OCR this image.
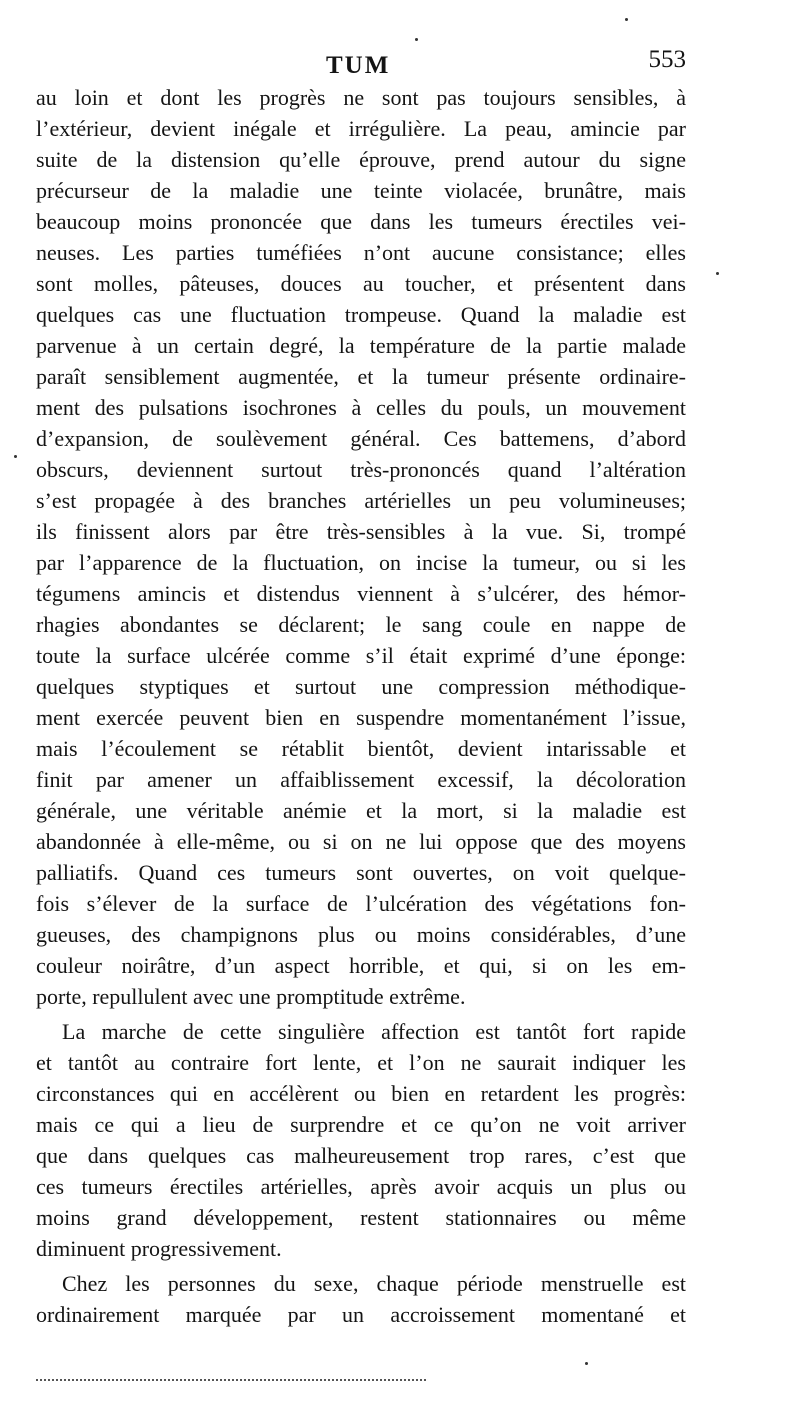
TUM	553
au loin et dont les progrès ne sont pas toujours sensibles, à
l’extérieur, devient inégale et irrégulière. La peau, amincie par
suite de la distension qu’elle éprouve, prend autour du signe
précurseur de la maladie une teinte violacée, brunâtre, mais
beaucoup moins prononcée que dans les tumeurs érectiles vei-
neuses. Les parties tuméfiées n’ont aucune consistance; elles
sont molles, pâteuses, douces au toucher, et présentent dans
quelques cas une fluctuation trompeuse. Quand la maladie est
parvenue à un certain degré, la température de la partie malade
paraît sensiblement augmentée, et la tumeur présente ordinaire-
ment des pulsations isochrones à celles du pouls, un mouvement
d’expansion, de soulèvement général. Ces battemens, d’abord
obscurs, deviennent surtout très-prononcés quand l’altération
s’est propagée à des branches artérielles un peu volumineuses;
ils finissent alors par être très-sensibles à la vue. Si, trompé
par l’apparence de la fluctuation, on incise la tumeur, ou si les
tégumens amincis et distendus viennent à s’ulcérer, des hémor-
rhagies abondantes se déclarent; le sang coule en nappe de
toute la surface ulcérée comme s’il était exprimé d’une éponge:
quelques styptiques et surtout une compression méthodique-
ment exercée peuvent bien en suspendre momentanément l’issue,
mais l’écoulement se rétablit bientôt, devient intarissable et
finit par amener un affaiblissement excessif, la décoloration
générale, une véritable anémie et la mort, si la maladie est
abandonnée à elle-même, ou si on ne lui oppose que des moyens
palliatifs. Quand ces tumeurs sont ouvertes, on voit quelque-
fois s’élever de la surface de l’ulcération des végétations fon-
gueuses, des champignons plus ou moins considérables, d’une
couleur noirâtre, d’un aspect horrible, et qui, si on les em-
porte, repullulent avec une promptitude extrême.
La marche de cette singulière affection est tantôt fort rapide
et tantôt au contraire fort lente, et l’on ne saurait indiquer les
circonstances qui en accélèrent ou bien en retardent les progrès:
mais ce qui a lieu de surprendre et ce qu’on ne voit arriver
que dans quelques cas malheureusement trop rares, c’est que
ces tumeurs érectiles artérielles, après avoir acquis un plus ou
moins grand développement, restent stationnaires ou même
diminuent progressivement.
Chez les personnes du sexe, chaque période menstruelle est
ordinairement marquée par un accroissement momentané et
